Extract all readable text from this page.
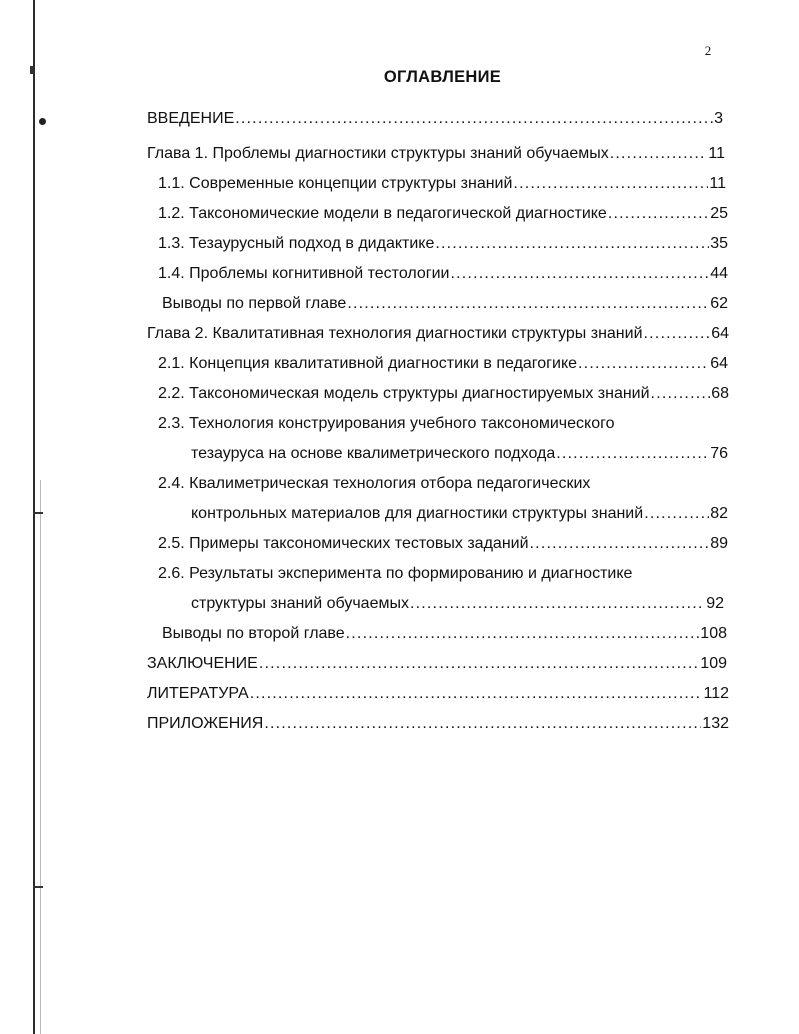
2
ОГЛАВЛЕНИЕ
ВВЕДЕНИЕ .....	3
Глава 1. Проблемы диагностики структуры знаний обучаемых .....	11
1.1. Современные концепции структуры знаний .....	11
1.2. Таксономические модели в педагогической диагностике .....	25
1.3. Тезаурусный подход в дидактике .....	35
1.4. Проблемы когнитивной тестологии .....	44
Выводы по первой главе .....	62
Глава 2. Квалитативная технология диагностики структуры знаний .....	64
2.1. Концепция квалитативной диагностики в педагогике .....	64
2.2. Таксономическая модель структуры диагностируемых знаний .....	68
2.3. Технология конструирования учебного таксономического
тезауруса на основе квалиметрического подхода .....	76
2.4. Квалиметрическая технология отбора педагогических
контрольных материалов для диагностики структуры знаний .....	82
2.5. Примеры таксономических тестовых заданий .....	89
2.6. Результаты эксперимента по формированию и диагностике
структуры знаний обучаемых .....	92
Выводы по второй главе .....	108
ЗАКЛЮЧЕНИЕ .....	109
ЛИТЕРАТУРА .....	112
ПРИЛОЖЕНИЯ .....	132
